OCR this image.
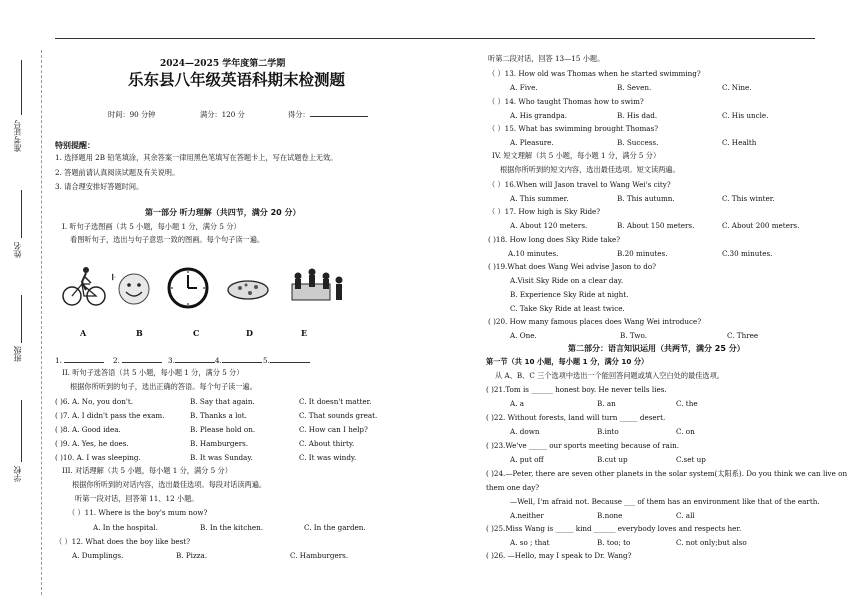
准考证号
姓名
班级
学校
2024—2025 学年度第二学期
乐东县八年级英语科期末检测题
时间：90 分钟	满分：120 分	得分：
特别提醒：
1. 选择题用 2B 铅笔填涂，其余答案一律用黑色笔填写在答题卡上，写在试题卷上无效。
2. 答题前请认真阅读试题及有关说明。
3. 请合理安排好答题时间。
第一部分 听力理解（共四节，满分 20 分）
I. 听句子选图画（共 5 小题，每小题 1 分，满分 5 分）
看图听句子，选出与句子意思一致的图画。每个句子读一遍。
𝄆
A	B	C	D	E
1.	2.	3.	4.	5.
II. 听句子选答语（共 5 小题，每小题 1 分，满分 5 分）
根据你所听到的句子，选出正确的答语。每个句子读一遍。
( )6. A. No, you don't.	B. Say that again.	C. It doesn't matter.
( )7. A. I didn't pass the exam.	B. Thanks a lot.	C. That sounds great.
( )8. A. Good idea.	B. Please hold on.	C. How can I help?
( )9. A. Yes, he does.	B. Hamburgers.	C. About thirty.
( )10. A. I was sleeping.	B. It was Sunday.	C. It was windy.
III. 对话理解（共 5 小题，每小题 1 分，满分 5 分）
根据你所听到的对话内容，选出最佳选项。每段对话读两遍。
听第一段对话，回答第 11、12 小题。
（ ）11. Where is the boy's mum now?
A. In the hospital.	B. In the kitchen.	C. In the garden.
（ ）12. What does the boy like best?
A. Dumplings.	B. Pizza.	C. Hamburgers.
听第二段对话，回答 13—15 小题。
（ ）13. How old was Thomas when he started swimming?
A. Five.	B. Seven.	C. Nine.
（ ）14. Who taught Thomas how to swim?
A. His grandpa.	B. His dad.	C. His uncle.
（ ）15. What has swimming brought Thomas?
A. Pleasure.	B. Success.	C. Health
IV. 短文理解（共 5 小题，每小题 1 分，满分 5 分）
根据你所听到的短文内容，选出最佳选项。短文读两遍。
（ ）16.When will Jason travel to Wang Wei's city?
A. This summer.	B. This autumn.	C. This winter.
（ ）17. How high is Sky Ride?
A. About 120 meters.	B. About 150 meters.	C. About 200 meters.
( )18. How long does Sky Ride take?
A.10 minutes.	B.20 minutes.	C.30 minutes.
( )19.What does Wang Wei advise Jason to do?
A.Visit Sky Ride on a clear day.
B. Experience Sky Ride at night.
C. Take Sky Ride at least twice.
( )20. How many famous places does Wang Wei introduce?
A. One.	B. Two.	C. Three
第二部分：语言知识运用（共两节，满分 25 分）
第一节（共 10 小题，每小题 1 分，满分 10 分）
从 A、B、C 三个选项中选出一个能回答问题或填入空白处的最佳选项。
( )21.Tom is ______ honest boy. He never tells lies.
A. a	B. an	C. the
( )22. Without forests, land will turn _____ desert.
A. down	B.into	C. on
( )23.We've _____ our sports meeting because of rain.
A. put off	B.cut up	C.set up
( )24.—Peter, there are seven other planets in the solar system(太阳系). Do you think we can live on
them one day?
—Well, I'm afraid not. Because ___ of them has an environment like that of the earth.
A.neither	B.none	C. all
( )25.Miss Wang is _____ kind ______ everybody loves and respects her.
A. so ; that	B. too; to	C. not only;but also
( )26. —Hello, may I speak to Dr. Wang?
